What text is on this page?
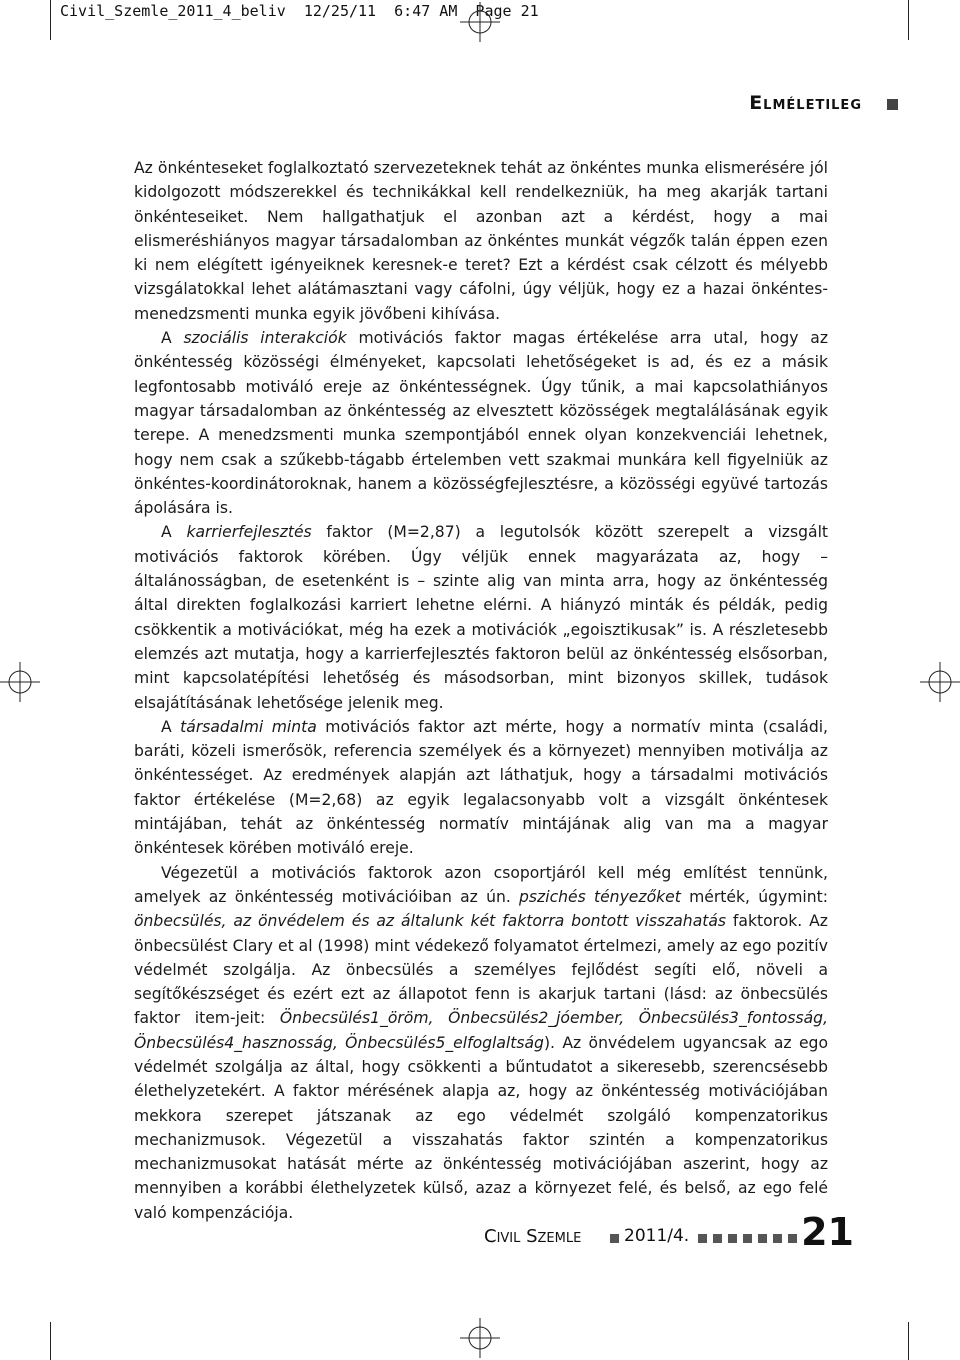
Civil_Szemle_2011_4_beliv  12/25/11  6:47 AM  Page 21
Elméletileg

Az önkénteseket foglalkoztató szervezeteknek tehát az önkéntes munka elismerésére jól kidolgozott módszerekkel és technikákkal kell rendelkezniük, ha meg akarják tartani önkénteseiket. Nem hallgathatjuk el azonban azt a kérdést, hogy a mai elismeréshiányos magyar társadalomban az önkéntes munkát végzők talán éppen ezen ki nem elégített igényeiknek keresnek-e teret? Ezt a kérdést csak célzott és mélyebb vizsgálatokkal lehet alátámasztani vagy cáfolni, úgy véljük, hogy ez a hazai önkéntes-menedzsmenti munka egyik jövőbeni kihívása.

A szociális interakciók motivációs faktor magas értékelése arra utal, hogy az önkéntesség közösségi élményeket, kapcsolati lehetőségeket is ad, és ez a másik legfontosabb motiváló ereje az önkéntességnek. Úgy tűnik, a mai kapcsolathiányos magyar társadalomban az önkéntesség az elvesztett közösségek megtalálásának egyik terepe. A menedzsmenti munka szempontjából ennek olyan konzekvenciái lehetnek, hogy nem csak a szűkebb-tágabb értelemben vett szakmai munkára kell figyelniük az önkéntes-koordinátoroknak, hanem a közösségfejlesztésre, a közösségi együvé tartozás ápolására is.

A karrierfejlesztés faktor (M=2,87) a legutolsók között szerepelt a vizsgált motivációs faktorok körében. Úgy véljük ennek magyarázata az, hogy – általánosságban, de esetenként is – szinte alig van minta arra, hogy az önkéntesség által direkten foglalkozási karriert lehetne elérni. A hiányzó minták és példák, pedig csökkentik a motivációkat, még ha ezek a motivációk „egoisztikusak” is. A részletesebb elemzés azt mutatja, hogy a karrierfejlesztés faktoron belül az önkéntesség elsősorban, mint kapcsolatépítési lehetőség és másodsorban, mint bizonyos skillek, tudások elsajátításának lehetősége jelenik meg.

A társadalmi minta motivációs faktor azt mérte, hogy a normatív minta (családi, baráti, közeli ismerősök, referencia személyek és a környezet) mennyiben motiválja az önkéntességet. Az eredmények alapján azt láthatjuk, hogy a társadalmi motivációs faktor értékelése (M=2,68) az egyik legalacsonyabb volt a vizsgált önkéntesek mintájában, tehát az önkéntesség normatív mintájának alig van ma a magyar önkéntesek körében motiváló ereje.

Végezetül a motivációs faktorok azon csoportjáról kell még említést tennünk, amelyek az önkéntesség motivációiban az ún. pszichés tényezőket mérték, úgymint: önbecsülés, az önvédelem és az általunk két faktorra bontott visszahatás faktorok. Az önbecsülést Clary et al (1998) mint védekező folyamatot értelmezi, amely az ego pozitív védelmét szolgálja. Az önbecsülés a személyes fejlődést segíti elő, növeli a segítőkészséget és ezért ezt az állapotot fenn is akarjuk tartani (lásd: az önbecsülés faktor item-jeit: Önbecsülés1_öröm, Önbecsülés2_jóember, Önbecsülés3_fontosság, Önbecsülés4_hasznosság, Önbecsülés5_elfoglaltság). Az önvédelem ugyancsak az ego védelmét szolgálja az által, hogy csökkenti a bűntudatot a sikeresebb, szerencsésebb élethelyzetekért. A faktor mérésének alapja az, hogy az önkéntesség motivációjában mekkora szerepet játszanak az ego védelmét szolgáló kompenzatorikus mechanizmusok. Végezetül a visszahatás faktor szintén a kompenzatorikus mechanizmusokat hatását mérte az önkéntesség motivációjában aszerint, hogy az mennyiben a korábbi élethelyzetek külső, azaz a környezet felé, és belső, az ego felé való kompenzációja.

Civil Szemle	2011/4.	21
